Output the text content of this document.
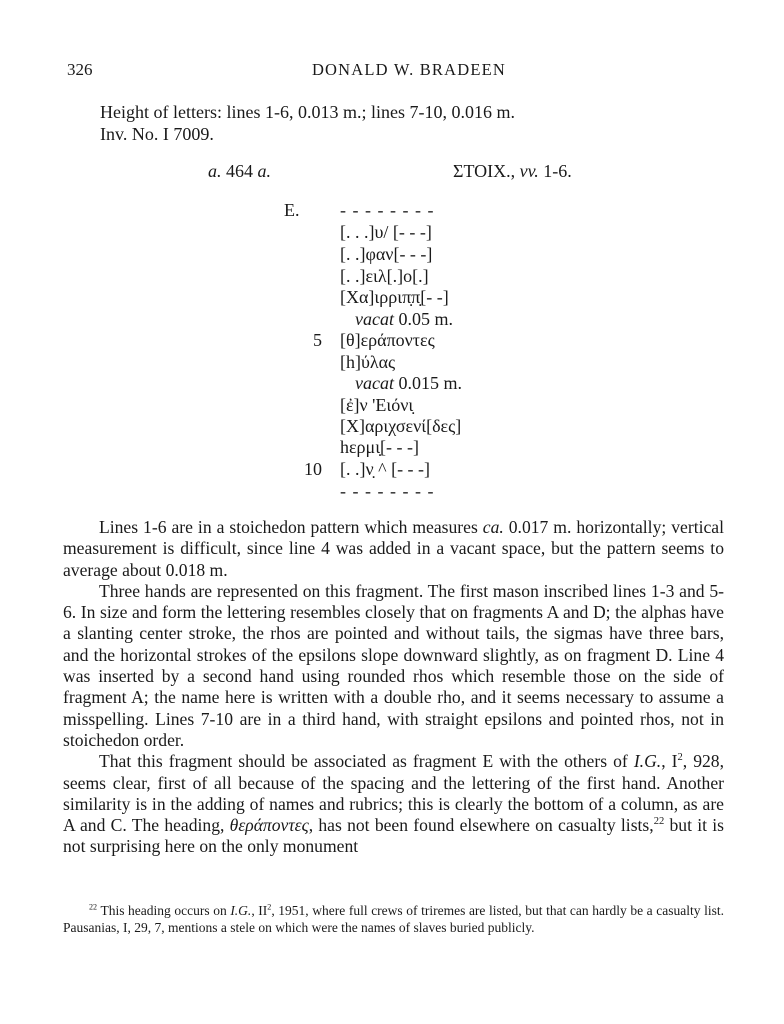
326	DONALD W. BRADEEN
Height of letters: lines 1-6, 0.013 m.; lines 7-10, 0.016 m.
Inv. No. I 7009.
a. 464 a.	ΣTOIX., vv. 1-6.
E. - - - - - - - -
[. . .]υ/ [- - -]
[. .]φαν[- - -]
[. .]ειλ[.]ο[.]
[Χα]ιρριπ̣π̣[- -]
vacat 0.05 m.
5 [θ]εράποντες
[h]ύλας
vacat 0.015 m.
[ἐ]ν 'Ειόνι̣
[Χ]αριχσενί[δες]
hερμι̣[- - -]
10 [. .]ν̣ ^ [- - -]
- - - - - - - -

Lines 1-6 are in a stoichedon pattern which measures ca. 0.017 m. horizontally; vertical measurement is difficult, since line 4 was added in a vacant space, but the pattern seems to average about 0.018 m.

Three hands are represented on this fragment. The first mason inscribed lines 1-3 and 5-6. In size and form the lettering resembles closely that on fragments A and D; the alphas have a slanting center stroke, the rhos are pointed and without tails, the sigmas have three bars, and the horizontal strokes of the epsilons slope downward slightly, as on fragment D. Line 4 was inserted by a second hand using rounded rhos which resemble those on the side of fragment A; the name here is written with a double rho, and it seems necessary to assume a misspelling. Lines 7-10 are in a third hand, with straight epsilons and pointed rhos, not in stoichedon order.

That this fragment should be associated as fragment E with the others of I.G., $I^2$, 928, seems clear, first of all because of the spacing and the lettering of the first hand. Another similarity is in the adding of names and rubrics; this is clearly the bottom of a column, as are A and C. The heading, θεράποντες, has not been found elsewhere on casualty lists,$^{22}$ but it is not surprising here on the only monument

$^{22}$ This heading occurs on I.G., $II^2$, 1951, where full crews of triremes are listed, but that can hardly be a casualty list. Pausanias, I, 29, 7, mentions a stele on which were the names of slaves buried publicly.
